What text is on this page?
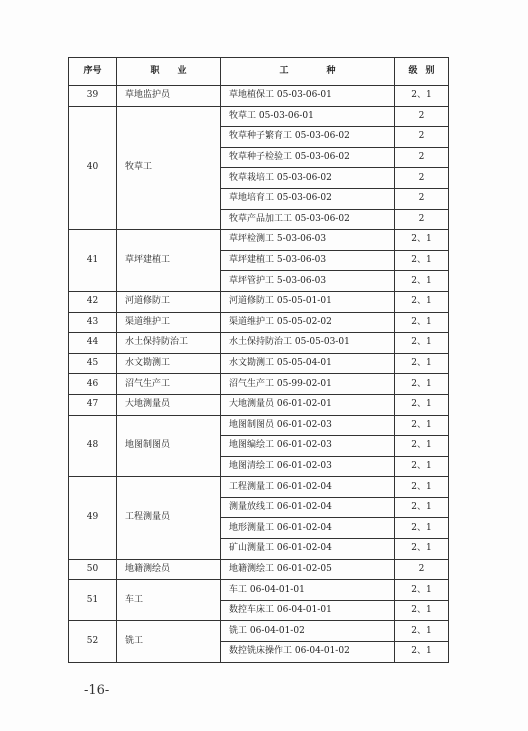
序号	职业	工种	级别
39	草地监护员	草地植保工 05-03-06-01	2、1
40	牧草工	牧草工 05-03-06-01	2
		牧草种子繁育工 05-03-06-02	2
		牧草种子检验工 05-03-06-02	2
		牧草栽培工 05-03-06-02	2
		草地培育工 05-03-06-02	2
		牧草产品加工工 05-03-06-02	2
41	草坪建植工	草坪检测工 5-03-06-03	2、1
		草坪建植工 5-03-06-03	2、1
		草坪管护工 5-03-06-03	2、1
42	河道修防工	河道修防工 05-05-01-01	2、1
43	渠道维护工	渠道维护工 05-05-02-02	2、1
44	水土保持防治工	水土保持防治工 05-05-03-01	2、1
45	水文勘测工	水文勘测工 05-05-04-01	2、1
46	沼气生产工	沼气生产工 05-99-02-01	2、1
47	大地测量员	大地测量员 06-01-02-01	2、1
48	地图制图员	地图制图员 06-01-02-03	2、1
		地图编绘工 06-01-02-03	2、1
		地图清绘工 06-01-02-03	2、1
49	工程测量员	工程测量工 06-01-02-04	2、1
		测量放线工 06-01-02-04	2、1
		地形测量工 06-01-02-04	2、1
		矿山测量工 06-01-02-04	2、1
50	地籍测绘员	地籍测绘工 06-01-02-05	2
51	车工	车工 06-04-01-01	2、1
		数控车床工 06-04-01-01	2、1
52	铣工	铣工 06-04-01-02	2、1
		数控铣床操作工 06-04-01-02	2、1
-16-
